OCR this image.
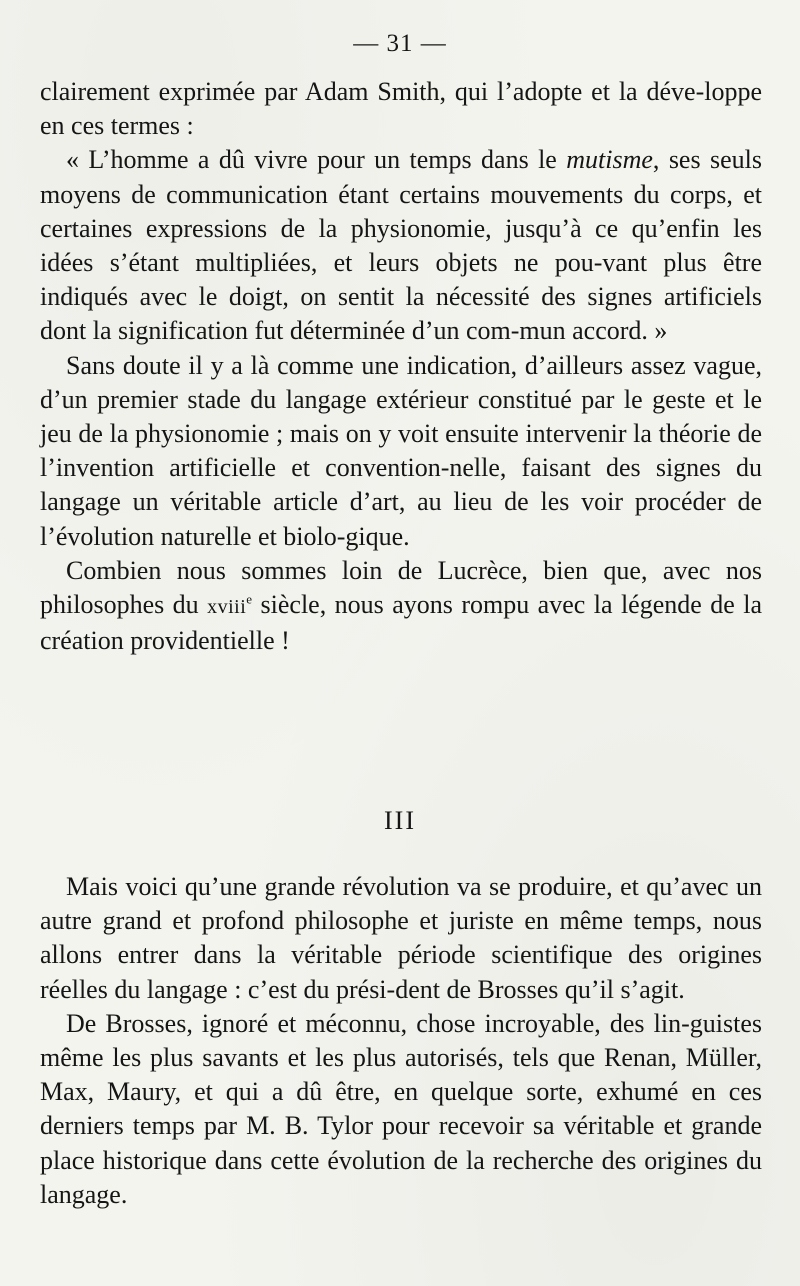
— 31 —

clairement exprimée par Adam Smith, qui l’adopte et la déve-loppe en ces termes :

« L’homme a dû vivre pour un temps dans le mutisme, ses seuls moyens de communication étant certains mouvements du corps, et certaines expressions de la physionomie, jusqu’à ce qu’enfin les idées s’étant multipliées, et leurs objets ne pou-vant plus être indiqués avec le doigt, on sentit la nécessité des signes artificiels dont la signification fut déterminée d’un com-mun accord. »

Sans doute il y a là comme une indication, d’ailleurs assez vague, d’un premier stade du langage extérieur constitué par le geste et le jeu de la physionomie ; mais on y voit ensuite intervenir la théorie de l’invention artificielle et convention-nelle, faisant des signes du langage un véritable article d’art, au lieu de les voir procéder de l’évolution naturelle et biolo-gique.

Combien nous sommes loin de Lucrèce, bien que, avec nos philosophes du xviii$^e$ siècle, nous ayons rompu avec la légende de la création providentielle !

III

Mais voici qu’une grande révolution va se produire, et qu’avec un autre grand et profond philosophe et juriste en même temps, nous allons entrer dans la véritable période scientifique des origines réelles du langage : c’est du prési-dent de Brosses qu’il s’agit.

De Brosses, ignoré et méconnu, chose incroyable, des lin-guistes même les plus savants et les plus autorisés, tels que Renan, Müller, Max, Maury, et qui a dû être, en quelque sorte, exhumé en ces derniers temps par M. B. Tylor pour recevoir sa véritable et grande place historique dans cette évolution de la recherche des origines du langage.
